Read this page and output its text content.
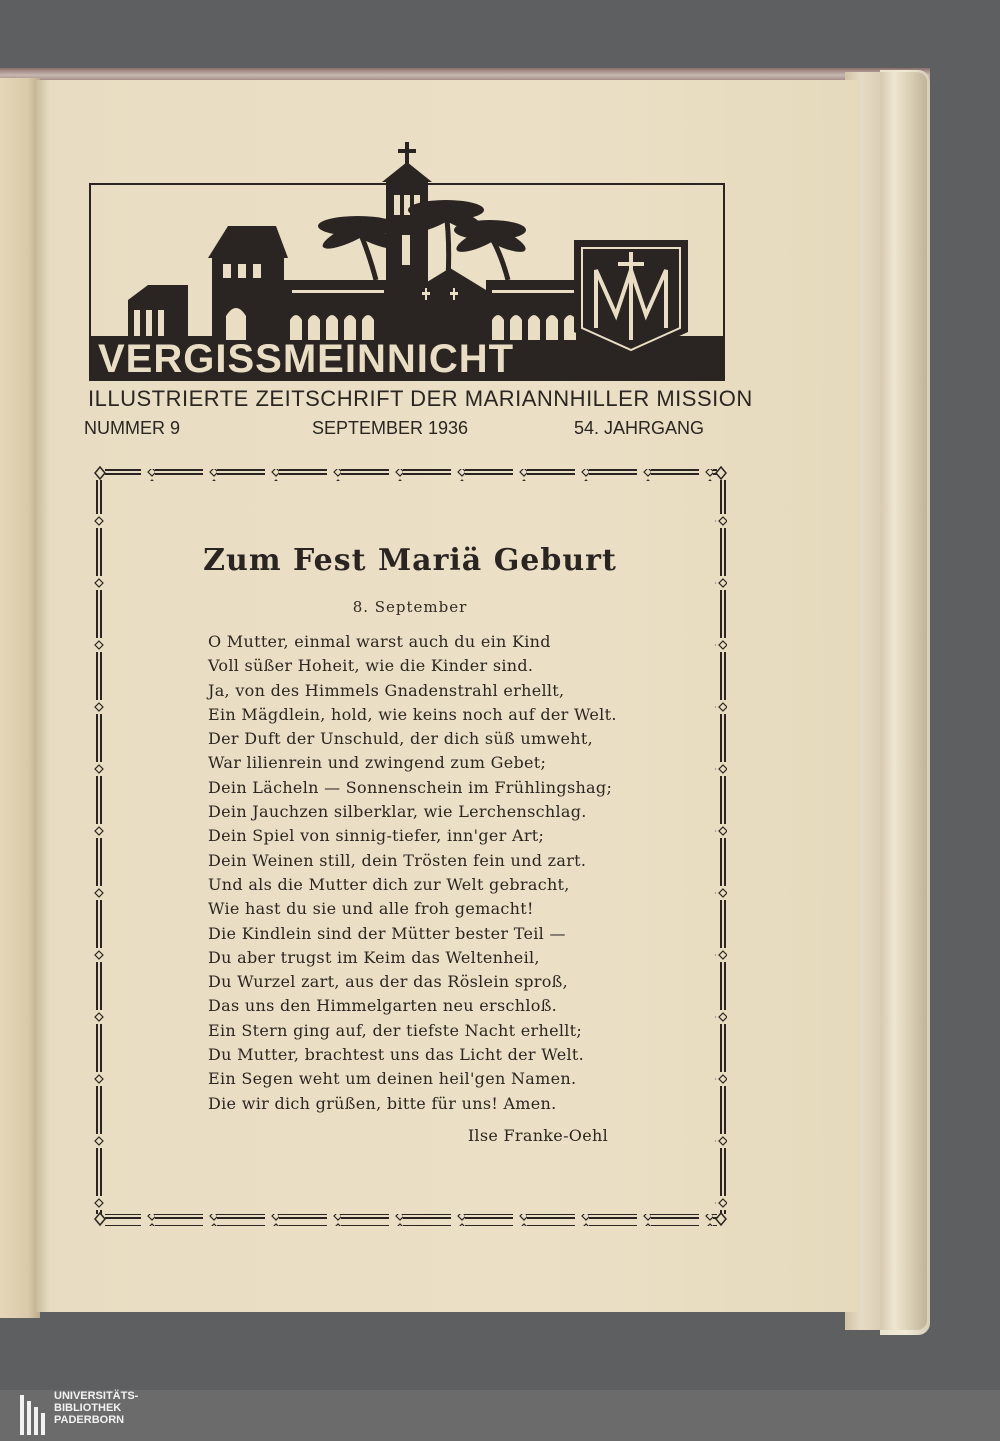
VERGISSMEINNICHT
ILLUSTRIERTE ZEITSCHRIFT DER MARIANNHILLER MISSION
NUMMER 9	SEPTEMBER 1936	54. JAHRGANG
Zum Fest Mariä Geburt
8. September
O Mutter, einmal warst auch du ein Kind
Voll süßer Hoheit, wie die Kinder sind.
Ja, von des Himmels Gnadenstrahl erhellt,
Ein Mägdlein, hold, wie keins noch auf der Welt.
Der Duft der Unschuld, der dich süß umweht,
War lilienrein und zwingend zum Gebet;
Dein Lächeln — Sonnenschein im Frühlingshag;
Dein Jauchzen silberklar, wie Lerchenschlag.
Dein Spiel von sinnig-tiefer, inn'ger Art;
Dein Weinen still, dein Trösten fein und zart.
Und als die Mutter dich zur Welt gebracht,
Wie hast du sie und alle froh gemacht!
Die Kindlein sind der Mütter bester Teil —
Du aber trugst im Keim das Weltenheil,
Du Wurzel zart, aus der das Röslein sproß,
Das uns den Himmelgarten neu erschloß.
Ein Stern ging auf, der tiefste Nacht erhellt;
Du Mutter, brachtest uns das Licht der Welt.
Ein Segen weht um deinen heil'gen Namen.
Die wir dich grüßen, bitte für uns! Amen.
Ilse Franke-Oehl
UNIVERSITÄTS-
BIBLIOTHEK
PADERBORN
